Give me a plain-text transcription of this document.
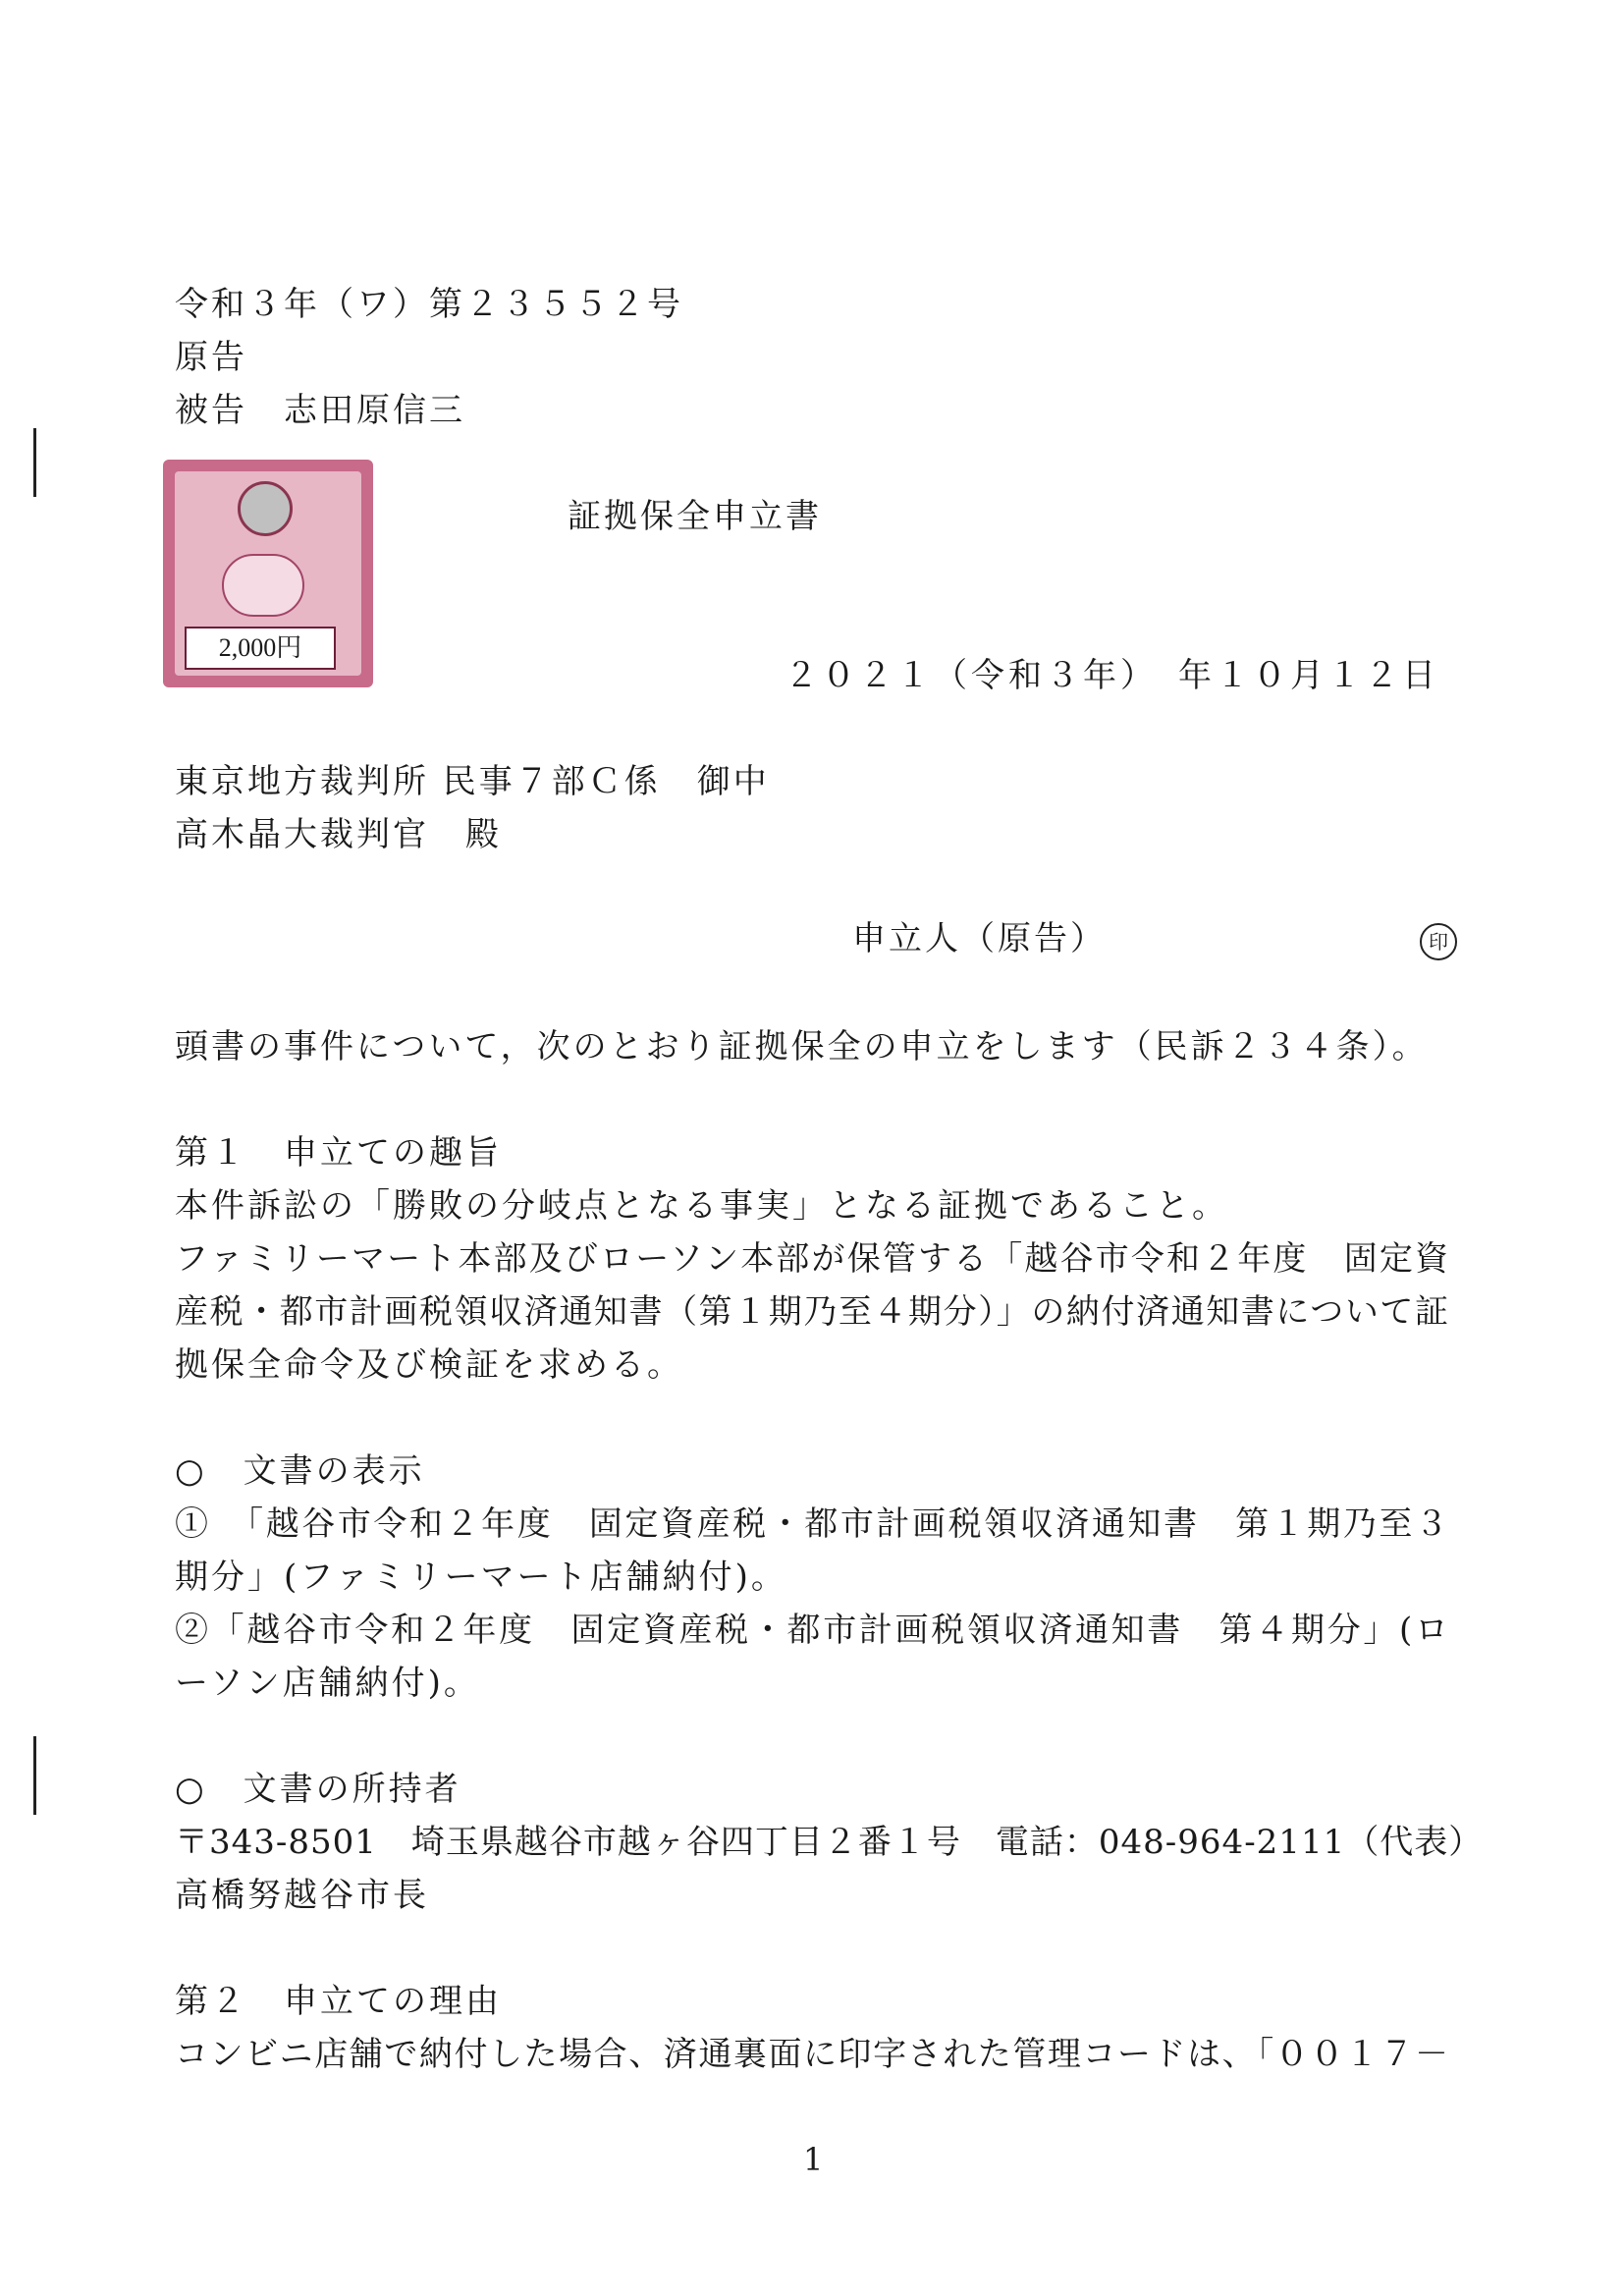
令和３年（ワ）第２３５５２号
原告
被告　志田原信三
2,000円
証拠保全申立書
２０２１（令和３年）　年１０月１２日
東京地方裁判所 民事７部Ｃ係　御中
高木晶大裁判官　殿
申立人（原告）	印
頭書の事件について，次のとおり証拠保全の申立をします（民訴２３４条）。
第１　申立ての趣旨
本件訴訟の「勝敗の分岐点となる事実」となる証拠であること。
ファミリーマート本部及びローソン本部が保管する「越谷市令和２年度　固定資
産税・都市計画税領収済通知書（第１期乃至４期分）」の納付済通知書について証
拠保全命令及び検証を求める。
○　文書の表示
①　「越谷市令和２年度　固定資産税・都市計画税領収済通知書　第１期乃至３
期分」(ファミリーマート店舗納付)。
②「越谷市令和２年度　固定資産税・都市計画税領収済通知書　第４期分」(ロ
ーソン店舗納付)。
○　文書の所持者
〒343-8501　埼玉県越谷市越ヶ谷四丁目２番１号　電話：048-964-2111（代表）
高橋努越谷市長
第２　申立ての理由
コンビニ店舗で納付した場合、済通裏面に印字された管理コードは、「００１７－
1
